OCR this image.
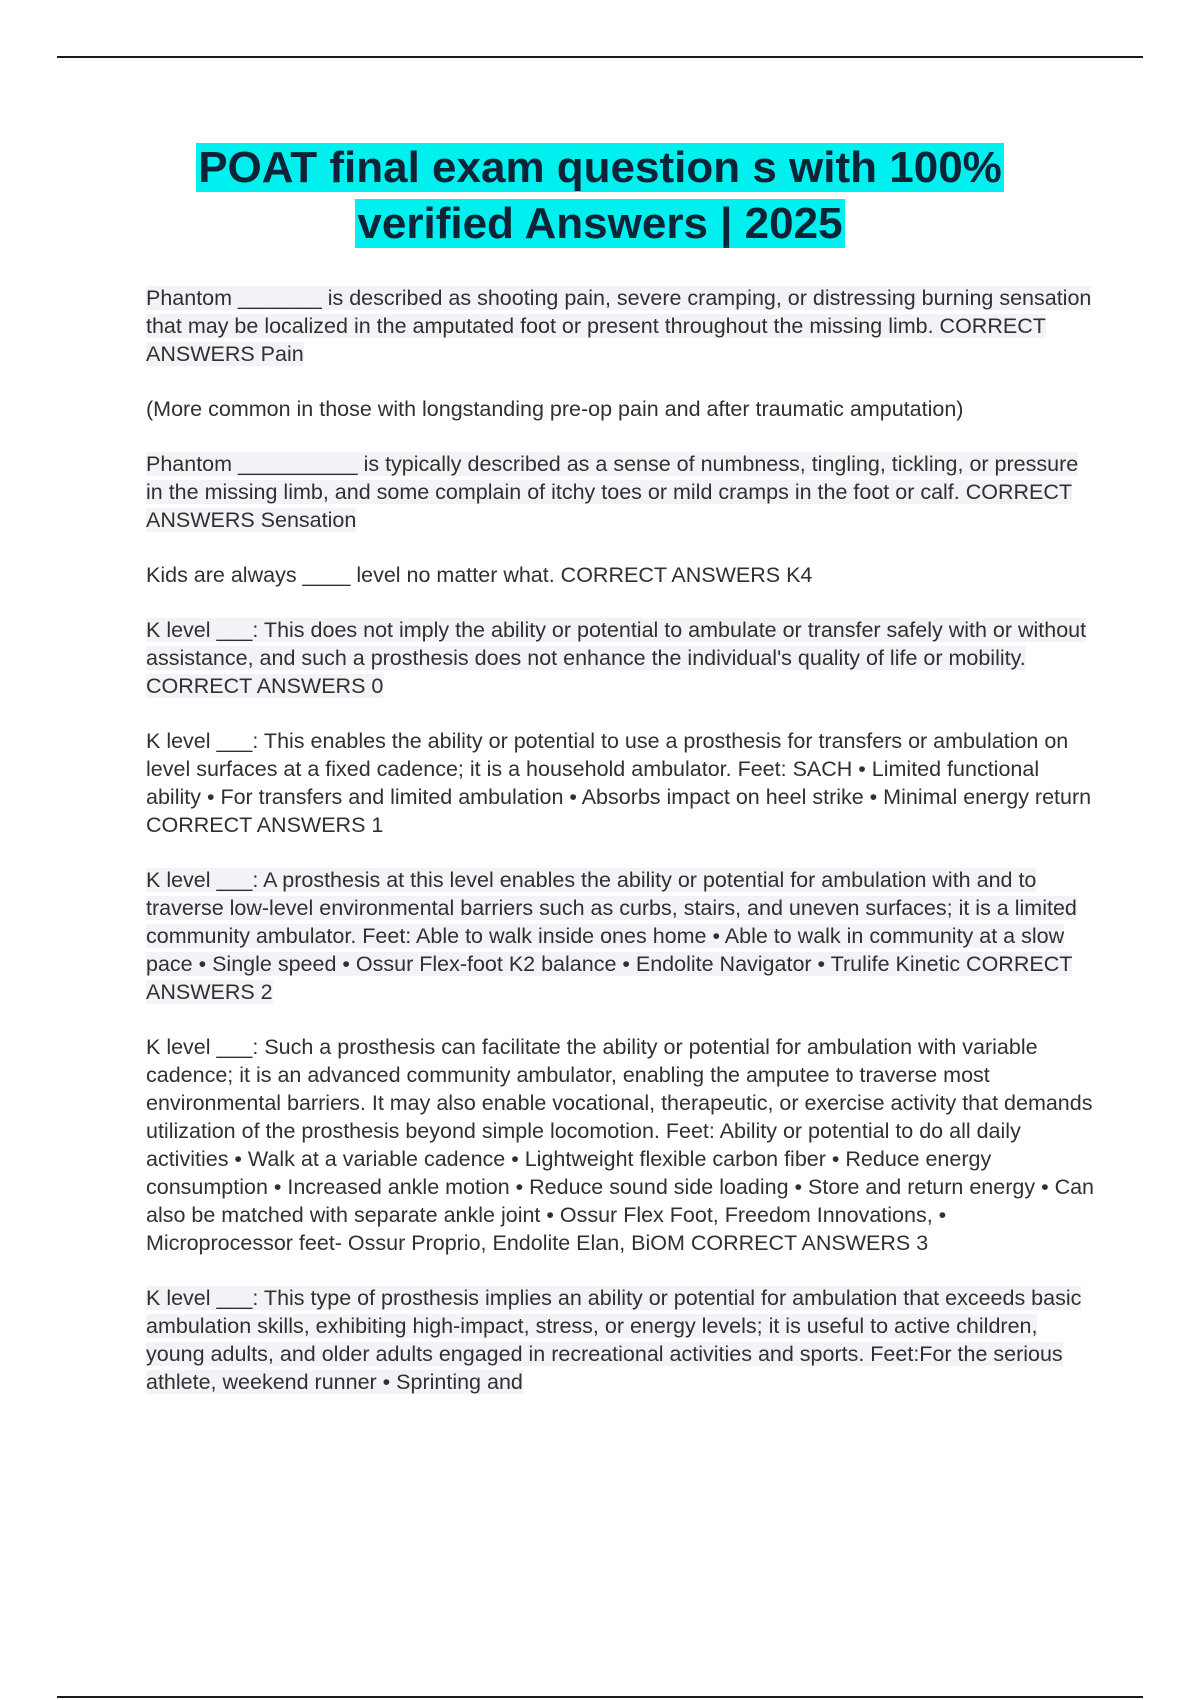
POAT final exam question s with 100%
verified Answers | 2025

Phantom _______ is described as shooting pain, severe cramping, or distressing burning sensation that may be localized in the amputated foot or present throughout the missing limb. CORRECT ANSWERS Pain

(More common in those with longstanding pre-op pain and after traumatic amputation)

Phantom __________ is typically described as a sense of numbness, tingling, tickling, or pressure in the missing limb, and some complain of itchy toes or mild cramps in the foot or calf. CORRECT ANSWERS Sensation

Kids are always ____ level no matter what. CORRECT ANSWERS K4

K level ___: This does not imply the ability or potential to ambulate or transfer safely with or without assistance, and such a prosthesis does not enhance the individual's quality of life or mobility. CORRECT ANSWERS 0

K level ___: This enables the ability or potential to use a prosthesis for transfers or ambulation on level surfaces at a fixed cadence; it is a household ambulator. Feet: SACH • Limited functional ability • For transfers and limited ambulation • Absorbs impact on heel strike • Minimal energy return CORRECT ANSWERS 1

K level ___: A prosthesis at this level enables the ability or potential for ambulation with and to traverse low-level environmental barriers such as curbs, stairs, and uneven surfaces; it is a limited community ambulator. Feet: Able to walk inside ones home • Able to walk in community at a slow pace • Single speed • Ossur Flex-foot K2 balance • Endolite Navigator • Trulife Kinetic CORRECT ANSWERS 2

K level ___: Such a prosthesis can facilitate the ability or potential for ambulation with variable cadence; it is an advanced community ambulator, enabling the amputee to traverse most environmental barriers. It may also enable vocational, therapeutic, or exercise activity that demands utilization of the prosthesis beyond simple locomotion. Feet: Ability or potential to do all daily activities • Walk at a variable cadence • Lightweight flexible carbon fiber • Reduce energy consumption • Increased ankle motion • Reduce sound side loading • Store and return energy • Can also be matched with separate ankle joint • Ossur Flex Foot, Freedom Innovations, • Microprocessor feet- Ossur Proprio, Endolite Elan, BiOM CORRECT ANSWERS 3

K level ___: This type of prosthesis implies an ability or potential for ambulation that exceeds basic ambulation skills, exhibiting high-impact, stress, or energy levels; it is useful to active children, young adults, and older adults engaged in recreational activities and sports. Feet:For the serious athlete, weekend runner • Sprinting and
